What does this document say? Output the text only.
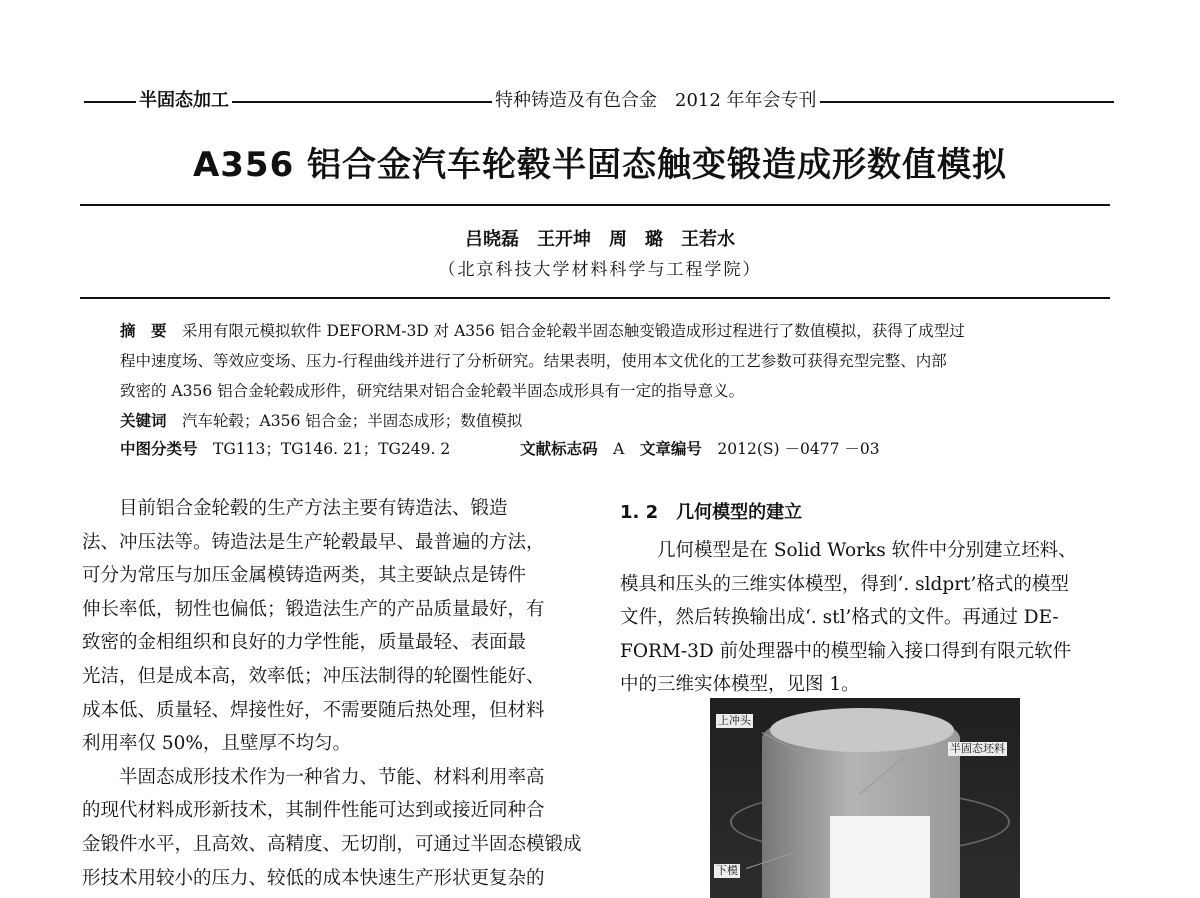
半固态加工	特种铸造及有色合金　2012 年年会专刊
A356 铝合金汽车轮毂半固态触变锻造成形数值模拟
吕晓磊　王开坤　周　璐　王若水
（北京科技大学材料科学与工程学院）

摘　要　 采用有限元模拟软件 DEFORM-3D 对 A356 铝合金轮毂半固态触变锻造成形过程进行了数值模拟，获得了成型过

程中速度场、等效应变场、压力-行程曲线并进行了分析研究。结果表明，使用本文优化的工艺参数可获得充型完整、内部

致密的 A356 铝合金轮毂成形件，研究结果对铝合金轮毂半固态成形具有一定的指导意义。

关键词　 汽车轮毂；A356 铝合金；半固态成形；数值模拟
中图分类号　 TG113；TG146. 21；TG249. 2	文献标志码　 A　 文章编号　 2012(S) －0477 －03

　　目前铝合金轮毂的生产方法主要有铸造法、锻造

法、冲压法等。铸造法是生产轮毂最早、最普遍的方法，

可分为常压与加压金属模铸造两类，其主要缺点是铸件

伸长率低，韧性也偏低；锻造法生产的产品质量最好，有

致密的金相组织和良好的力学性能，质量最轻、表面最

光洁，但是成本高，效率低；冲压法制得的轮圈性能好、

成本低、质量轻、焊接性好，不需要随后热处理，但材料

利用率仅 50%，且壁厚不均匀。

　　半固态成形技术作为一种省力、节能、材料利用率高

的现代材料成形新技术，其制件性能可达到或接近同种合

金锻件水平，且高效、高精度、无切削，可通过半固态模锻成

形技术用较小的压力、较低的成本快速生产形状更复杂的

1. 2　几何模型的建立

　　几何模型是在 Solid Works 软件中分别建立坯料、

模具和压头的三维实体模型，得到‘. sldprt’格式的模型

文件，然后转换输出成‘. stl’格式的文件。再通过 DE-

FORM-3D 前处理器中的模型输入接口得到有限元软件

中的三维实体模型，见图 1。

上冲头
半固态坯料
下模
